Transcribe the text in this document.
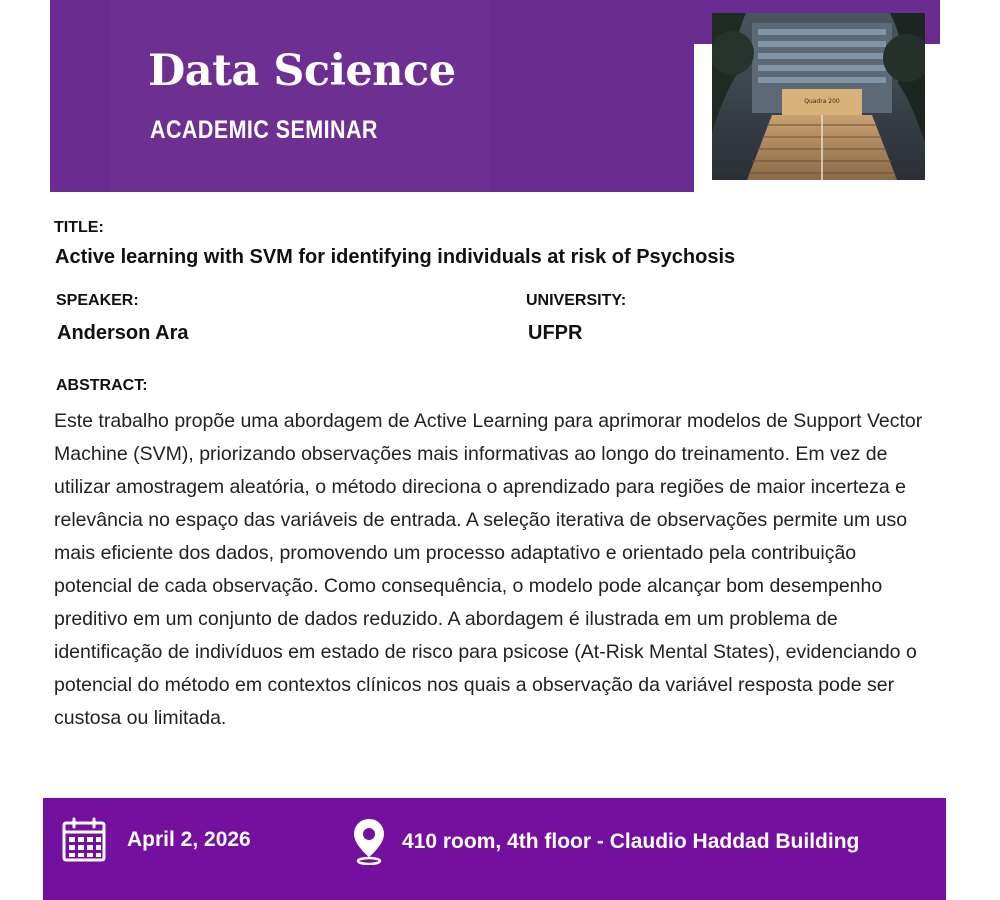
Data Science
ACADEMIC SEMINAR
Quadra 200
TITLE:
Active learning with SVM for identifying individuals at risk of Psychosis
SPEAKER:
Anderson Ara
UNIVERSITY:
UFPR
ABSTRACT:

Este trabalho propõe uma abordagem de Active Learning para aprimorar modelos de Support Vector Machine (SVM), priorizando observações mais informativas ao longo do treinamento. Em vez de utilizar amostragem aleatória, o método direciona o aprendizado para regiões de maior incerteza e relevância no espaço das variáveis de entrada. A seleção iterativa de observações permite um uso mais eficiente dos dados, promovendo um processo adaptativo e orientado pela contribuição potencial de cada observação. Como consequência, o modelo pode alcançar bom desempenho preditivo em um conjunto de dados reduzido. A abordagem é ilustrada em um problema de identificação de indivíduos em estado de risco para psicose (At-Risk Mental States), evidenciando o potencial do método em contextos clínicos nos quais a observação da variável resposta pode ser custosa ou limitada.

April 2, 2026	410 room, 4th floor - Claudio Haddad Building
